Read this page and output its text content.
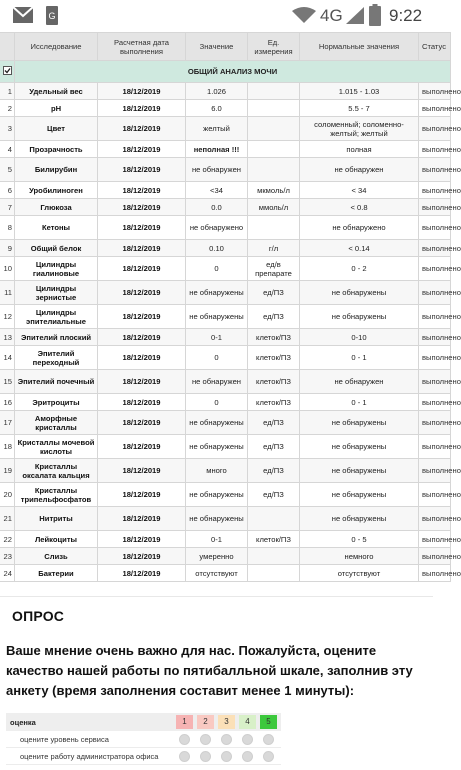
G	4G	9:22
	Исследование	Расчетная дата выполнения	Значение	Ед. измерения	Нормальные значения	Статус
	ОБЩИЙ АНАЛИЗ МОЧИ					
1	Удельный вес	18/12/2019	1.026		1.015 - 1.03	выполнено
2	pH	18/12/2019	6.0		5.5 - 7	выполнено
3	Цвет	18/12/2019	желтый		соломенный; соломенно-желтый; желтый	выполнено
4	Прозрачность	18/12/2019	неполная !!!		полная	выполнено
5	Билирубин	18/12/2019	не обнаружен		не обнаружен	выполнено
6	Уробилиноген	18/12/2019	<34	мкмоль/л	< 34	выполнено
7	Глюкоза	18/12/2019	0.0	ммоль/л	< 0.8	выполнено
8	Кетоны	18/12/2019	не обнаружено		не обнаружено	выполнено
9	Общий белок	18/12/2019	0.10	г/л	< 0.14	выполнено
10	Цилиндры гиалиновые	18/12/2019	0	ед/в препарате	0 - 2	выполнено
11	Цилиндры зернистые	18/12/2019	не обнаружены	ед/ПЗ	не обнаружены	выполнено
12	Цилиндры эпителиальные	18/12/2019	не обнаружены	ед/ПЗ	не обнаружены	выполнено
13	Эпителий плоский	18/12/2019	0-1	клеток/ПЗ	0-10	выполнено
14	Эпителий переходный	18/12/2019	0	клеток/ПЗ	0 - 1	выполнено
15	Эпителий почечный	18/12/2019	не обнаружен	клеток/ПЗ	не обнаружен	выполнено
16	Эритроциты	18/12/2019	0	клеток/ПЗ	0 - 1	выполнено
17	Аморфные кристаллы	18/12/2019	не обнаружены	ед/ПЗ	не обнаружены	выполнено
18	Кристаллы мочевой кислоты	18/12/2019	не обнаружены	ед/ПЗ	не обнаружены	выполнено
19	Кристаллы оксалата кальция	18/12/2019	много	ед/ПЗ	не обнаружены	выполнено
20	Кристаллы трипельфосфатов	18/12/2019	не обнаружены	ед/ПЗ	не обнаружены	выполнено
21	Нитриты	18/12/2019	не обнаружены		не обнаружены	выполнено
22	Лейкоциты	18/12/2019	0-1	клеток/ПЗ	0 - 5	выполнено
23	Слизь	18/12/2019	умеренно		немного	выполнено
24	Бактерии	18/12/2019	отсутствуют		отсутствуют	выполнено
ОПРОС
Ваше мнение очень важно для нас. Пожалуйста, оцените качество нашей работы по пятибалльной шкале, заполнив эту анкету (время заполнения составит менее 1 минуты):
оценка	1	2	3	4	5
оцените уровень сервиса
оцените работу администратора офиса
